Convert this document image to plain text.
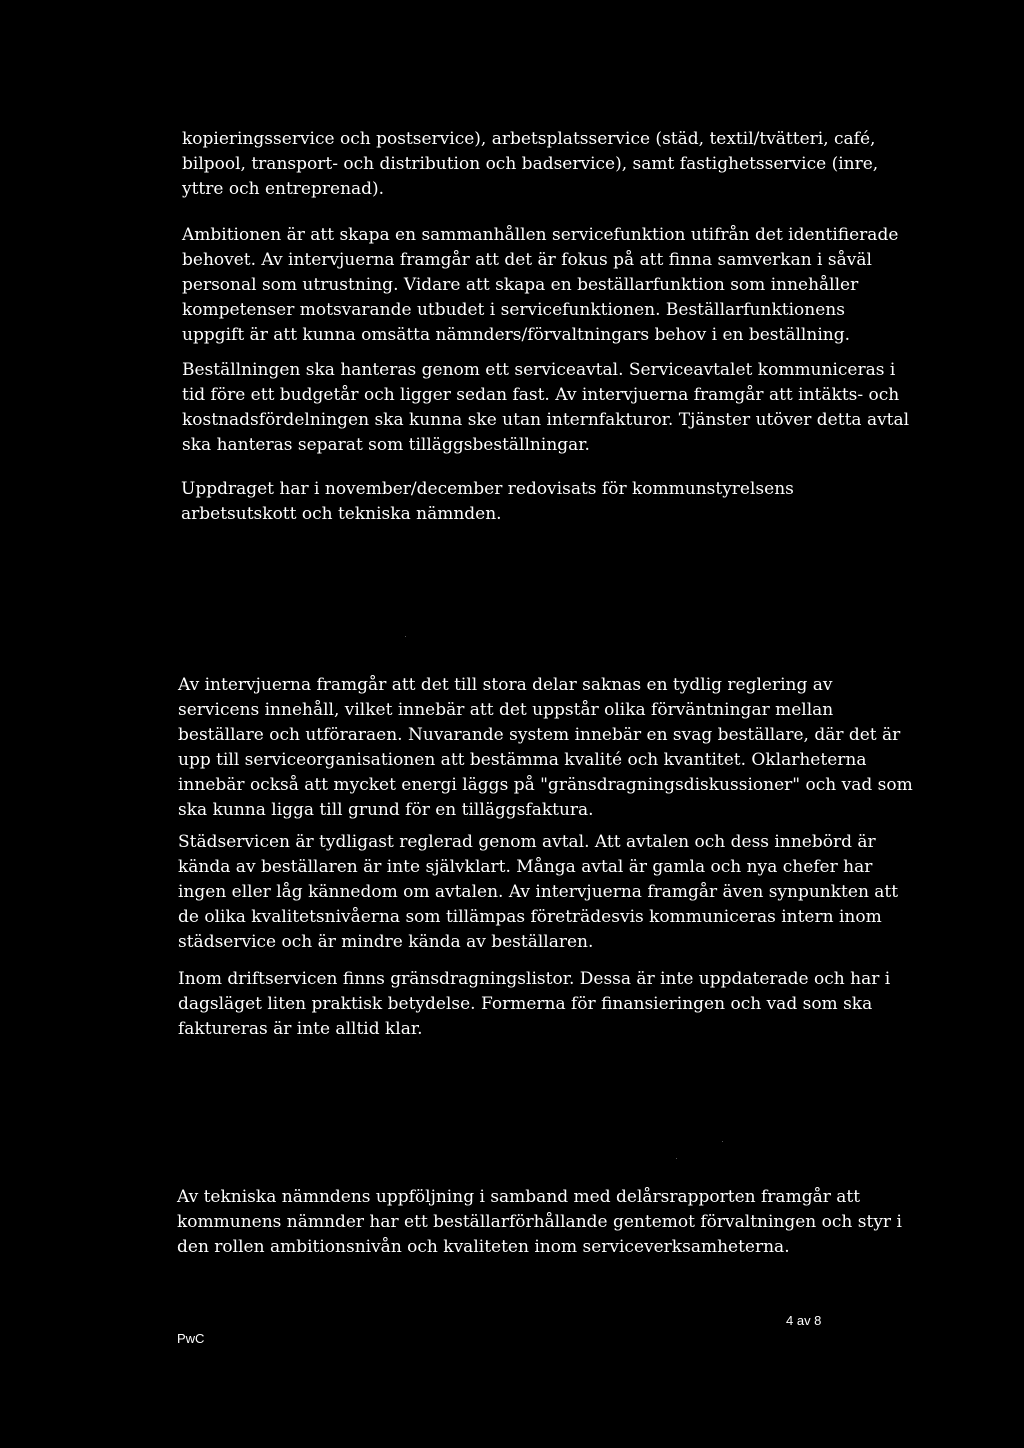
kopieringsservice och postservice), arbetsplatsservice (städ, textil/tvätteri, café,
bilpool, transport- och distribution och badservice), samt fastighetsservice (inre,
yttre och entreprenad).

Ambitionen är att skapa en sammanhållen servicefunktion utifrån det identifierade
behovet. Av intervjuerna framgår att det är fokus på att finna samverkan i såväl
personal som utrustning. Vidare att skapa en beställarfunktion som innehåller
kompetenser motsvarande utbudet i servicefunktionen. Beställarfunktionens
uppgift är att kunna omsätta nämnders/förvaltningars behov i en beställning.

Beställningen ska hanteras genom ett serviceavtal. Serviceavtalet kommuniceras i
tid före ett budgetår och ligger sedan fast. Av intervjuerna framgår att intäkts- och
kostnadsfördelningen ska kunna ske utan internfakturor. Tjänster utöver detta avtal
ska hanteras separat som tilläggsbeställningar.

Uppdraget har i november/december redovisats för kommunstyrelsens
arbetsutskott och tekniska nämnden.

Av intervjuerna framgår att det till stora delar saknas en tydlig reglering av
servicens innehåll, vilket innebär att det uppstår olika förväntningar mellan
beställare och utföraraen. Nuvarande system innebär en svag beställare, där det är
upp till serviceorganisationen att bestämma kvalité och kvantitet. Oklarheterna
innebär också att mycket energi läggs på "gränsdragningsdiskussioner" och vad som
ska kunna ligga till grund för en tilläggsfaktura.

Städservicen är tydligast reglerad genom avtal. Att avtalen och dess innebörd är
kända av beställaren är inte självklart. Många avtal är gamla och nya chefer har
ingen eller låg kännedom om avtalen. Av intervjuerna framgår även synpunkten att
de olika kvalitetsnivåerna som tillämpas företrädesvis kommuniceras intern inom
städservice och är mindre kända av beställaren.

Inom driftservicen finns gränsdragningslistor. Dessa är inte uppdaterade och har i
dagsläget liten praktisk betydelse. Formerna för finansieringen och vad som ska
faktureras är inte alltid klar.

Av tekniska nämndens uppföljning i samband med delårsrapporten framgår att
kommunens nämnder har ett beställarförhållande gentemot förvaltningen och styr i
den rollen ambitionsnivån och kvaliteten inom serviceverksamheterna.

PwC
4 av 8
